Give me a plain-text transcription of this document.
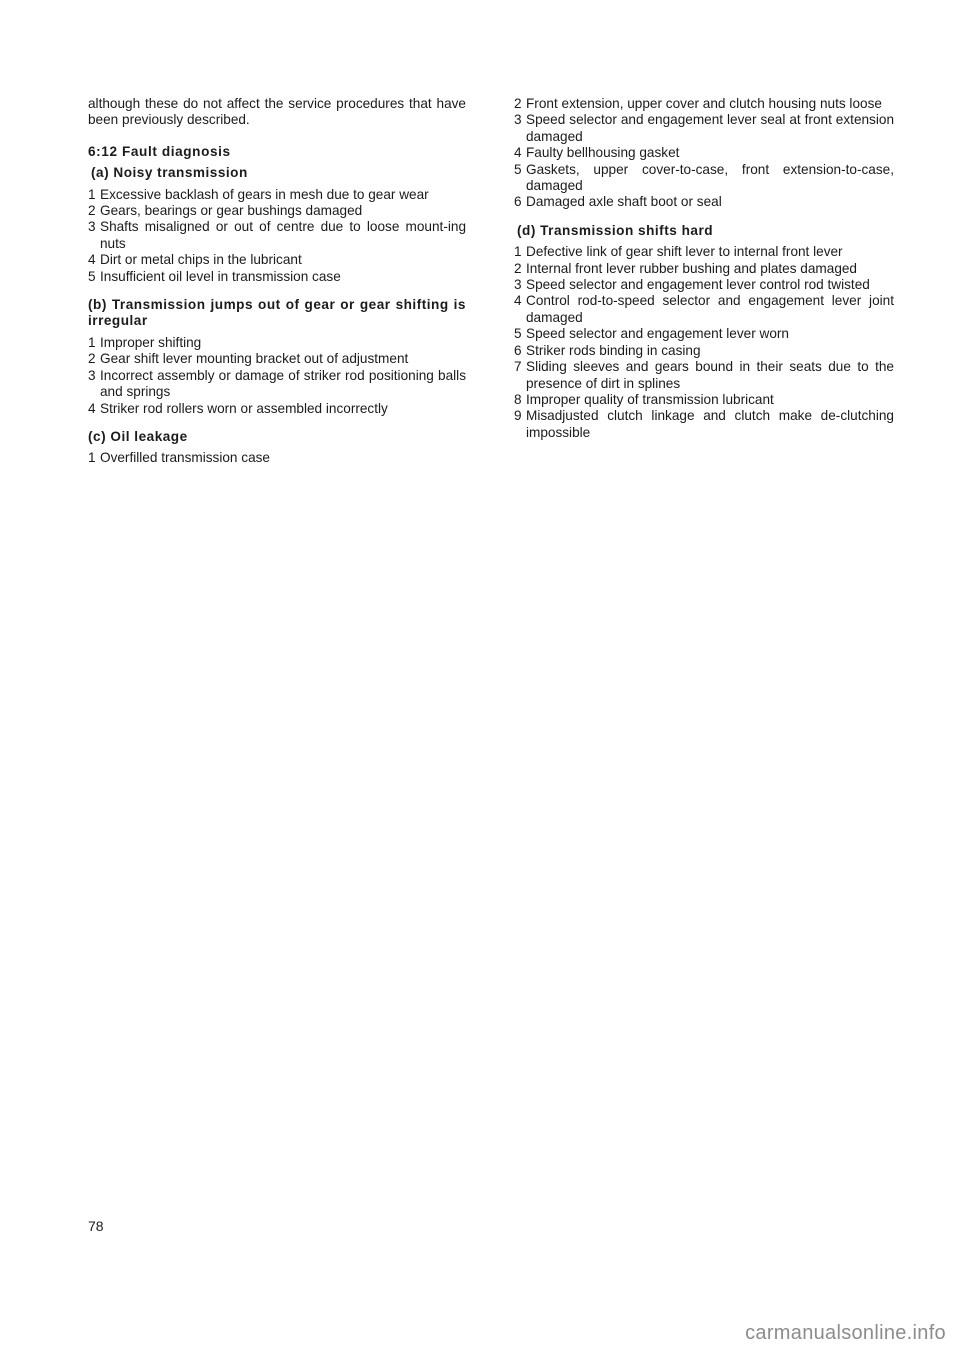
although these do not affect the service procedures that have been previously described.

6:12 Fault diagnosis

(a) Noisy transmission

1 Excessive backlash of gears in mesh due to gear wear
2 Gears, bearings or gear bushings damaged
3 Shafts misaligned or out of centre due to loose mount-ing nuts
4 Dirt or metal chips in the lubricant
5 Insufficient oil level in transmission case

(b) Transmission jumps out of gear or gear shifting is irregular

1 Improper shifting
2 Gear shift lever mounting bracket out of adjustment
3 Incorrect assembly or damage of striker rod positioning balls and springs
4 Striker rod rollers worn or assembled incorrectly

(c) Oil leakage

1 Overfilled transmission case
2 Front extension, upper cover and clutch housing nuts loose
3 Speed selector and engagement lever seal at front extension damaged
4 Faulty bellhousing gasket
5 Gaskets, upper cover-to-case, front extension-to-case, damaged
6 Damaged axle shaft boot or seal

(d) Transmission shifts hard

1 Defective link of gear shift lever to internal front lever
2 Internal front lever rubber bushing and plates damaged
3 Speed selector and engagement lever control rod twisted
4 Control rod-to-speed selector and engagement lever joint damaged
5 Speed selector and engagement lever worn
6 Striker rods binding in casing
7 Sliding sleeves and gears bound in their seats due to the presence of dirt in splines
8 Improper quality of transmission lubricant
9 Misadjusted clutch linkage and clutch make de-clutching impossible
78
carmanualsonline.info
